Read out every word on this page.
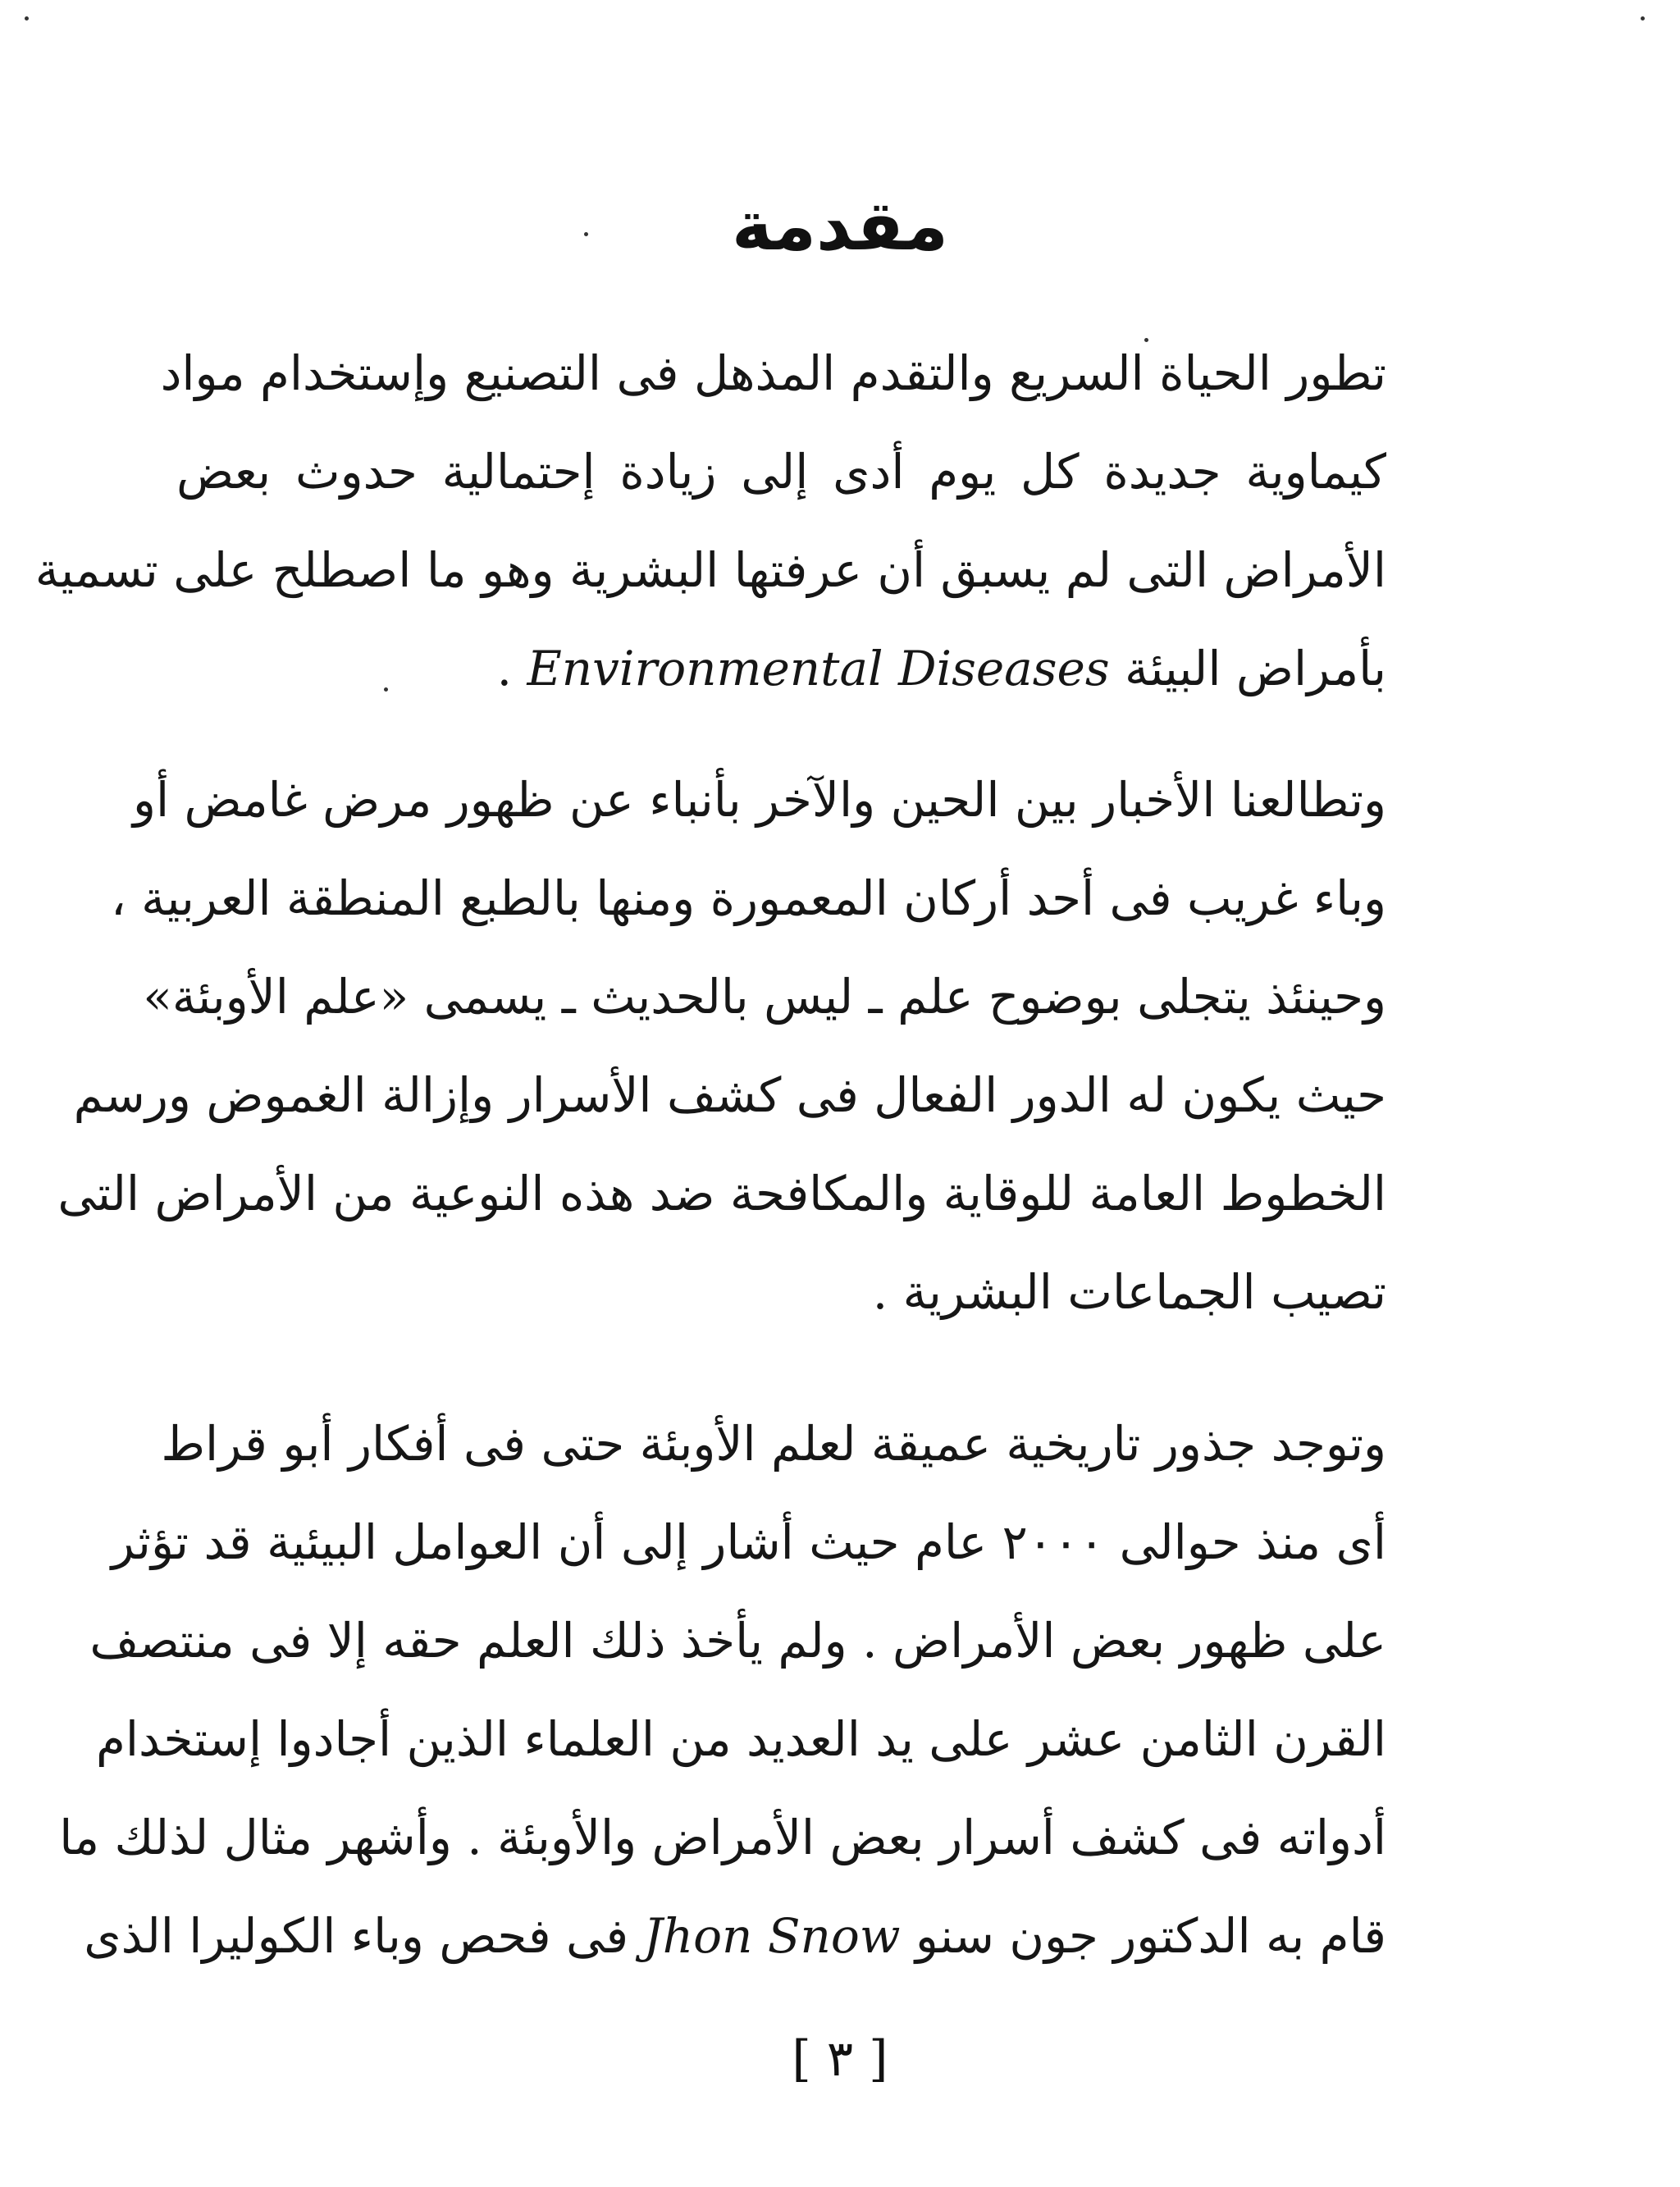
مقدمة
تطور الحياة السريع والتقدم المذهل فى التصنيع وإستخدام مواد
كيماوية جديدة كل يوم أدى إلى زيادة إحتمالية حدوث بعض
الأمراض التى لم يسبق أن عرفتها البشرية وهو ما اصطلح على تسمية
بأمراض البيئة Environmental Diseases .
وتطالعنا الأخبار بين الحين والآخر بأنباء عن ظهور مرض غامض أو
وباء غريب فى أحد أركان المعمورة ومنها بالطبع المنطقة العربية ،
وحينئذ يتجلى بوضوح علم ـ ليس بالحديث ـ يسمى «علم الأوبئة»
حيث يكون له الدور الفعال فى كشف الأسرار وإزالة الغموض ورسم
الخطوط العامة للوقاية والمكافحة ضد هذه النوعية من الأمراض التى
تصيب الجماعات البشرية .
وتوجد جذور تاريخية عميقة لعلم الأوبئة حتى فى أفكار أبو قراط
أى منذ حوالى ٢٠٠٠ عام حيث أشار إلى أن العوامل البيئية قد تؤثر
على ظهور بعض الأمراض . ولم يأخذ ذلك العلم حقه إلا فى منتصف
القرن الثامن عشر على يد العديد من العلماء الذين أجادوا إستخدام
أدواته فى كشف أسرار بعض الأمراض والأوبئة . وأشهر مثال لذلك ما
قام به الدكتور جون سنو Jhon Snow فى فحص وباء الكوليرا الذى
[ ٣ ]
